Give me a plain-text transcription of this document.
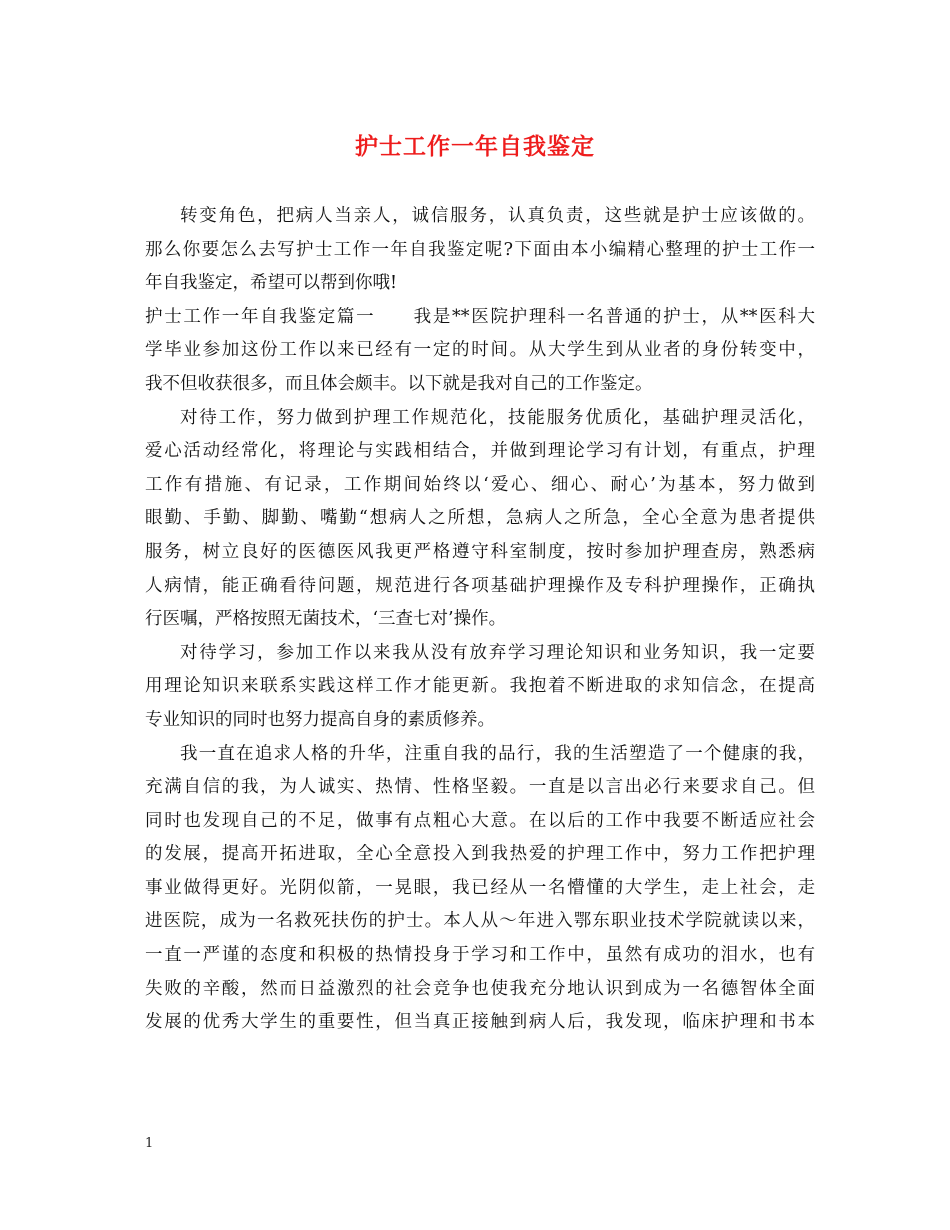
护士工作一年自我鉴定
转变角色，把病人当亲人，诚信服务，认真负责，这些就是护士应该做的。
那么你要怎么去写护士工作一年自我鉴定呢?下面由本小编精心整理的护士工作一
年自我鉴定，希望可以帮到你哦!
护士工作一年自我鉴定篇一　　我是**医院护理科一名普通的护士，从**医科大
学毕业参加这份工作以来已经有一定的时间。从大学生到从业者的身份转变中，
我不但收获很多，而且体会颇丰。以下就是我对自己的工作鉴定。
对待工作，努力做到护理工作规范化，技能服务优质化，基础护理灵活化，
爱心活动经常化，将理论与实践相结合，并做到理论学习有计划，有重点，护理
工作有措施、有记录，工作期间始终以‘爱心、细心、耐心’为基本，努力做到
眼勤、手勤、脚勤、嘴勤“想病人之所想，急病人之所急，全心全意为患者提供
服务，树立良好的医德医风我更严格遵守科室制度，按时参加护理查房，熟悉病
人病情，能正确看待问题，规范进行各项基础护理操作及专科护理操作，正确执
行医嘱，严格按照无菌技术，‘三查七对’操作。
对待学习，参加工作以来我从没有放弃学习理论知识和业务知识，我一定要
用理论知识来联系实践这样工作才能更新。我抱着不断进取的求知信念，在提高
专业知识的同时也努力提高自身的素质修养。
我一直在追求人格的升华，注重自我的品行，我的生活塑造了一个健康的我，
充满自信的我，为人诚实、热情、性格坚毅。一直是以言出必行来要求自己。但
同时也发现自己的不足，做事有点粗心大意。在以后的工作中我要不断适应社会
的发展，提高开拓进取，全心全意投入到我热爱的护理工作中，努力工作把护理
事业做得更好。光阴似箭，一晃眼，我已经从一名懵懂的大学生，走上社会，走
进医院，成为一名救死扶伤的护士。本人从～年进入鄂东职业技术学院就读以来，
一直一严谨的态度和积极的热情投身于学习和工作中，虽然有成功的泪水，也有
失败的辛酸，然而日益激烈的社会竞争也使我充分地认识到成为一名德智体全面
发展的优秀大学生的重要性，但当真正接触到病人后，我发现，临床护理和书本
1
